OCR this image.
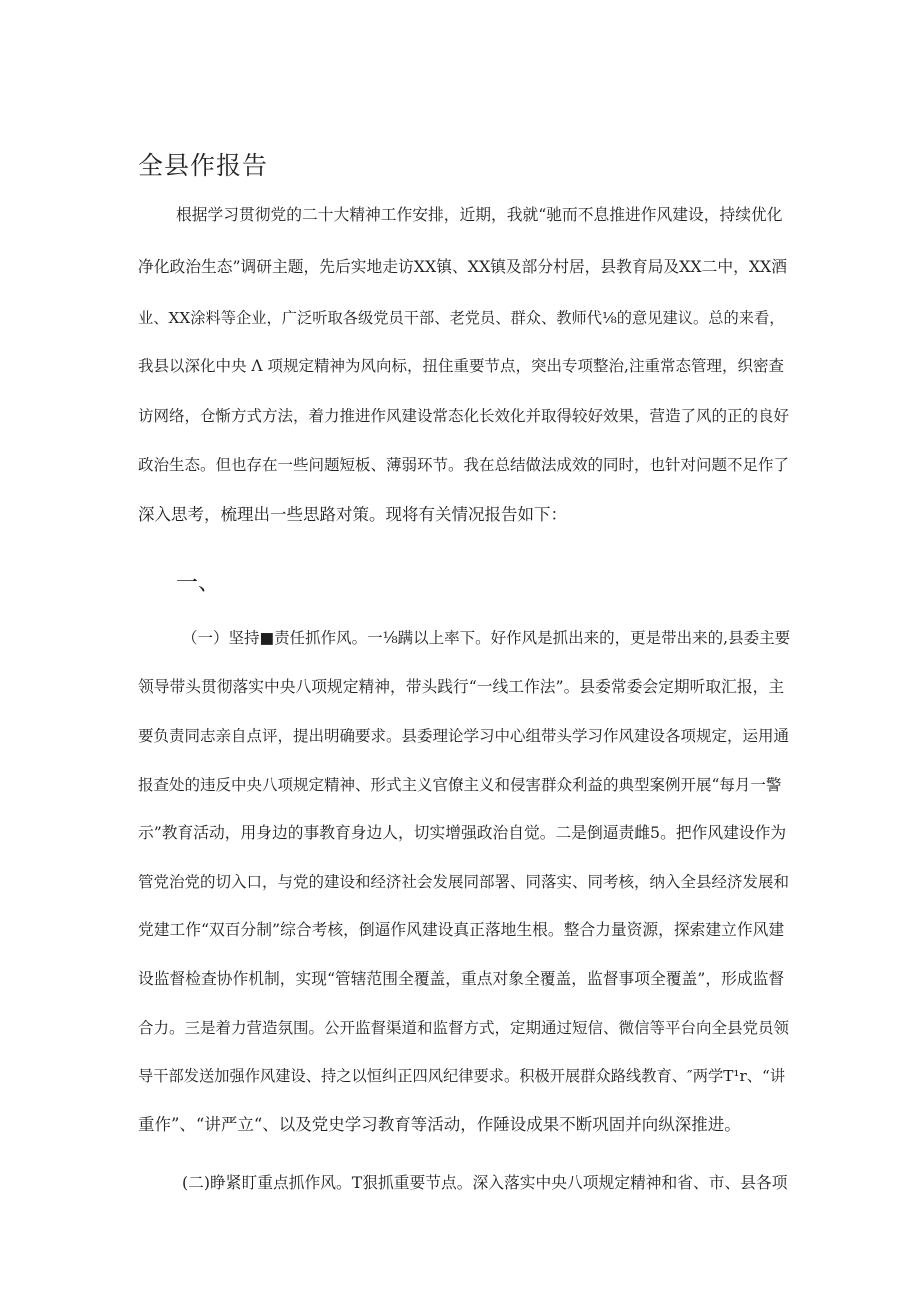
全县作报告
根据学习贯彻党的二十大精神工作安排，近期，我就“驰而不息推进作风建设，持续优化
净化政治生态”调研主题，先后实地走访XX镇、XX镇及部分村居，县教育局及XX二中，XX酒
业、XX涂料等企业，广泛听取各级党员干部、老党员、群众、教师代⅛的意见建议。总的来看，
我县以深化中央 Λ 项规定精神为风向标，扭住重要节点，突出专项整治,注重常态管理，织密查
访网络，仓惭方式方法，着力推进作风建设常态化长效化并取得较好效果，营造了风的正的良好
政治生态。但也存在一些问题短板、薄弱环节。我在总结做法成效的同时，也针对问题不足作了
深入思考，梳理出一些思路对策。现将有关情况报告如下：
一、
（一）坚持■责任抓作风。一⅛蹒以上率下。好作风是抓出来的，更是带出来的,县委主要
领导带头贯彻落实中央八项规定精神，带头践行“一线工作法”。县委常委会定期听取汇报，主
要负责同志亲自点评，提出明确要求。县委理论学习中心组带头学习作风建设各项规定，运用通
报查处的违反中央八项规定精神、形式主义官僚主义和侵害群众利益的典型案例开展“每月一警
示”教育活动，用身边的事教育身边人，切实增强政治自觉。二是倒逼责雌5。把作风建设作为
管党治党的切入口，与党的建设和经济社会发展同部署、同落实、同考核，纳入全县经济发展和
党建工作“双百分制”综合考核，倒逼作风建设真正落地生根。整合力量资源，探索建立作风建
设监督检查协作机制，实现“管辖范围全覆盖，重点对象全覆盖，监督事项全覆盖”，形成监督
合力。三是着力营造氛围。公开监督渠道和监督方式，定期通过短信、微信等平台向全县党员领
导干部发送加强作风建设、持之以恒纠正四风纪律要求。积极开展群众路线教育、″两学T¹r、“讲
重作”、“讲严立“、以及党史学习教育等活动，作陲设成果不断巩固并向纵深推进。
(二)睁紧盯重点抓作风。T狠抓重要节点。深入落实中央八项规定精神和省、市、县各项
